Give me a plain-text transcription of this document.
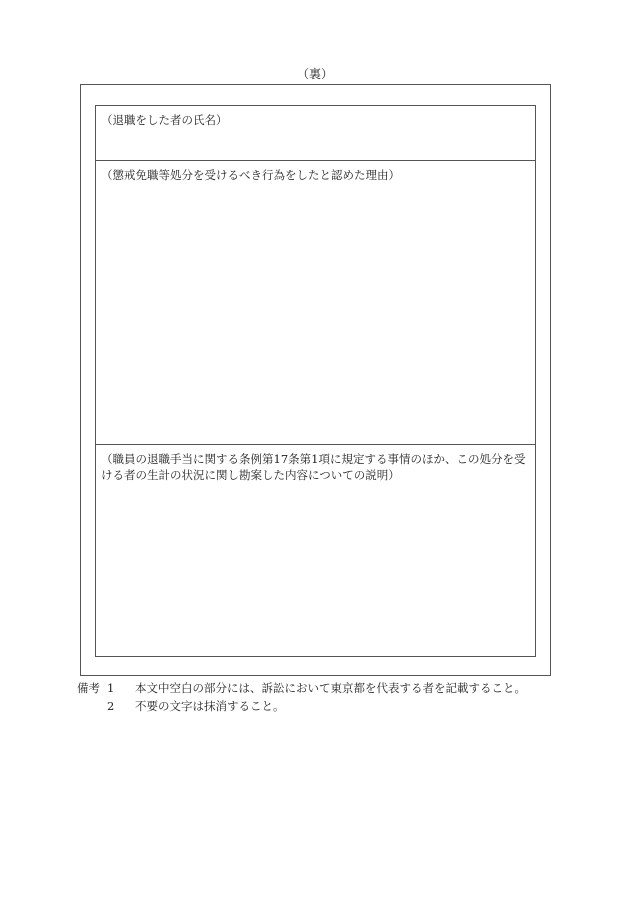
（裏）
（退職をした者の氏名）
（懲戒免職等処分を受けるべき行為をしたと認めた理由）
（職員の退職手当に関する条例第17条第1項に規定する事情のほか、この処分を受ける者の生計の状況に関し勘案した内容についての説明）
備考 1	本文中空白の部分には、訴訟において東京都を代表する者を記載すること。
2	不要の文字は抹消すること。
